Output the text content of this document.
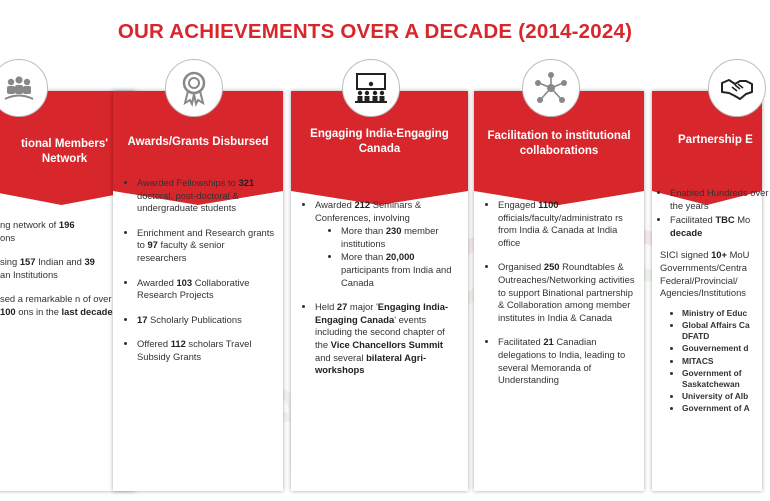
OUR ACHIEVEMENTS OVER A DECADE (2014-2024)
tional Members' Network
ng network of 196
ons
sing 157 Indian and 39
an Institutions
sed a remarkable n of over 100 ons in the last decade
Awards/Grants Disbursed
• Awarded Fellowships to 321 doctoral, post-doctoral & undergraduate students
• Enrichment and Research grants to 97 faculty & senior researchers
• Awarded 103 Collaborative Research Projects
• 17 Scholarly Publications
• Offered 112 scholars Travel Subsidy Grants
Engaging India-Engaging Canada
• Awarded 212 Seminars & Conferences, involving
• More than 230 member institutions
• More than 20,000 participants from India and Canada
• Held 27 major 'Engaging India-Engaging Canada' events including the second chapter of the Vice Chancellors Summit and several bilateral Agri-workshops
Facilitation to institutional collaborations
• Engaged 1100 officials/faculty/administrato rs from India & Canada at India office
• Organised 250 Roundtables & Outreaches/Networking activities to support Binational partnership & Collaboration among member institutes in India & Canada
• Facilitated 21 Canadian delegations to India, leading to several Memoranda of Understanding
Partnership E
• Enabled Hundreds over the years
• Facilitated TBC Mo decade

SICI signed 10+ MoU Governments/Centra Federal/Provincial/ Agencies/Institutions

• Ministry of Educ
• Global Affairs Ca DFATD
• Gouvernement d
• MITACS
• Government of Saskatchewan
• University of Alb
• Government of A
